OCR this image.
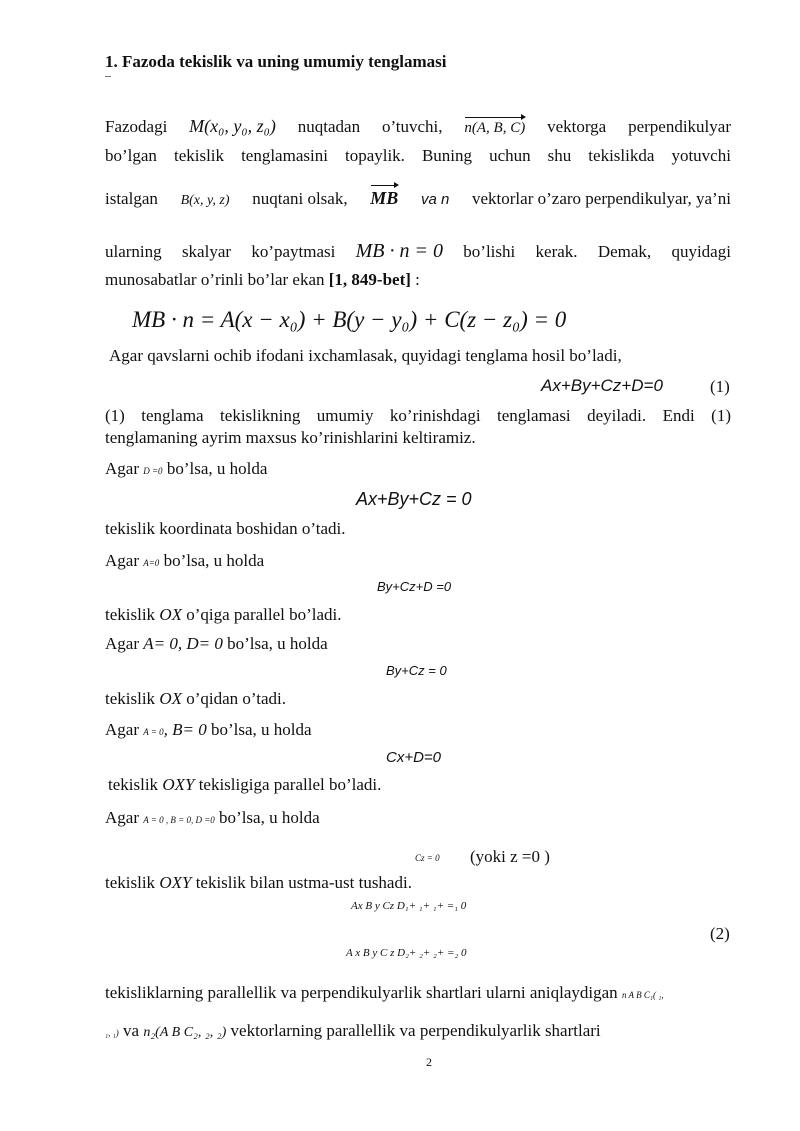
1. Fazoda tekislik va uning umumiy tenglamasi
Fazodagi M(x₀, y₀, z₀) nuqtadan o’tuvchi, n(A, B, C) vektorga perpendikulyar
bo’lgan tekislik tenglamasini topaylik. Buning uchun shu tekislikda yotuvchi
istalgan B(x, y, z) nuqtani olsak, MB va n vektorlar o’zaro perpendikulyar, ya’ni
ularning skalyar ko’paytmasi MB · n = 0 bo’lishi kerak. Demak, quyidagi
munosabatlar o’rinli bo’lar ekan [1, 849-bet] :
MB · n = A(x − x₀) + B(y − y₀) + C(z − z₀) = 0
Agar qavslarni ochib ifodani ixchamlasak, quyidagi tenglama hosil bo’ladi,
Ax+By+Cz+D=0	(1)
(1) tenglama tekislikning umumiy ko’rinishdagi tenglamasi deyiladi. Endi (1)
tenglamaning ayrim maxsus ko’rinishlarini keltiramiz.
Agar D =0 bo’lsa, u holda
Ax+By+Cz = 0
tekislik koordinata boshidan o’tadi.
Agar A=0 bo’lsa, u holda
By+Cz+D =0
tekislik OX o’qiga parallel bo’ladi.
Agar A= 0, D= 0 bo’lsa, u holda
By+Cz = 0
tekislik OX o’qidan o’tadi.
Agar A = 0, B= 0 bo’lsa, u holda
Cx+D=0
tekislik OXY tekisligiga parallel bo’ladi.
Agar A = 0 , B = 0, D =0 bo’lsa, u holda
Cz = 0 (yoki z =0 )
tekislik OXY tekislik bilan ustma-ust tushadi.
Ax B y Cz D₁+ ₁+ ₁+ =₁ 0
(2)
A x B y C z D₂+ ₂+ ₂+ =₂ 0
tekisliklarning parallellik va perpendikulyarlik shartlari ularni aniqlaydigan n A B C₁( ₁,
₁, ₁) va n₂(A B C₂, ₂, ₂) vektorlarning parallellik va perpendikulyarlik shartlari
2
